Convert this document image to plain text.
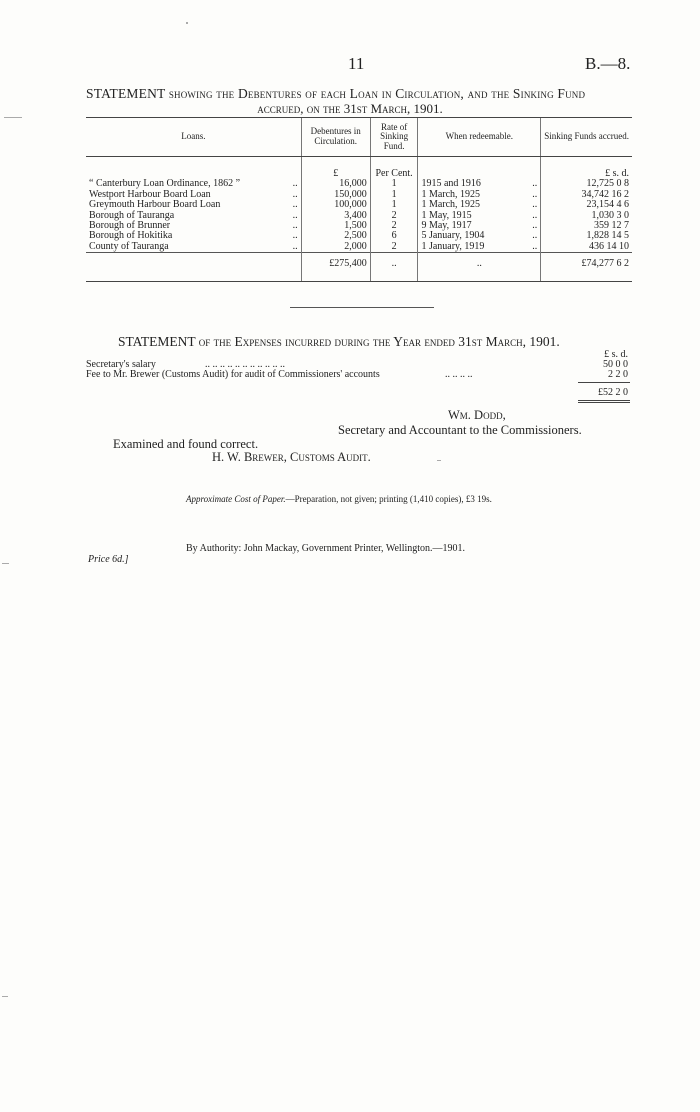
11	B.—8.
STATEMENT showing the Debentures of each Loan in Circulation, and the Sinking Fund
accrued, on the 31st March, 1901.
Loans.		Debentures in Circulation.	Rate of Sinking Fund.	When redeemable.		Sinking Funds accrued.
		£	Per Cent.			£ s. d.
“ Canterbury Loan Ordinance, 1862 ”	..	16,000	1	1915 and 1916	..	12,725 0 8
Westport Harbour Board Loan	..	150,000	1	1 March, 1925	..	34,742 16 2
Greymouth Harbour Board Loan	..	100,000	1	1 March, 1925	..	23,154 4 6
Borough of Tauranga	..	3,400	2	1 May, 1915	..	1,030 3 0
Borough of Brunner	..	1,500	2	9 May, 1917	..	359 12 7
Borough of Hokitika	..	2,500	6	5 January, 1904	..	1,828 14 5
County of Tauranga	..	2,000	2	1 January, 1919	..	436 14 10
		£275,400	..	..		£74,277 6 2
STATEMENT of the Expenses incurred during the Year ended 31st March, 1901.
£ s. d.
Secretary's salary	.. .. .. .. .. .. .. .. .. .. ..	50 0 0
Fee to Mr. Brewer (Customs Audit) for audit of Commissioners' accounts	.. .. .. ..	2 2 0
£52 2 0
Wm. Dodd,
Secretary and Accountant to the Commissioners.
Examined and found correct.
H. W. Brewer, Customs Audit.
Approximate Cost of Paper.—Preparation, not given; printing (1,410 copies), £3 19s.
By Authority: John Mackay, Government Printer, Wellington.—1901.
Price 6d.]
